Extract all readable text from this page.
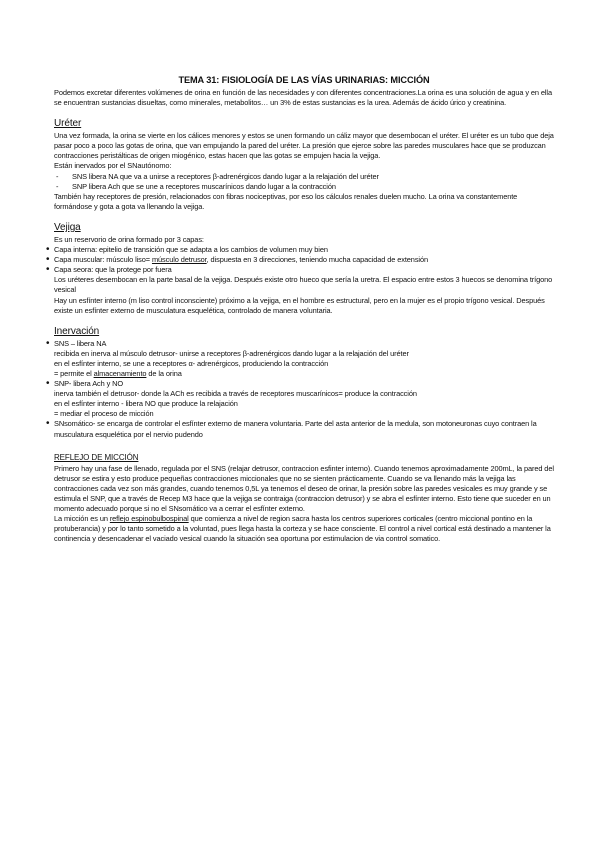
TEMA 31: FISIOLOGÍA DE LAS VÍAS URINARIAS: MICCIÓN

Podemos excretar diferentes volúmenes de orina en función de las necesidades y con diferentes concentraciones.La orina es una solución de agua y en ella se encuentran sustancias disueltas, como minerales, metabolitos… un 3% de estas sustancias es la urea. Además de ácido úrico y creatinina.

Uréter

Una vez formada, la orina se vierte en los cálices menores y estos se unen formando un cáliz mayor que desembocan el uréter. El uréter es un tubo que deja pasar poco a poco las gotas de orina, que van empujando la pared del uréter. La presión que ejerce sobre las paredes musculares hace que se produzcan contracciones peristálticas de origen miogénico, estas hacen que las gotas se empujen hacia la vejiga.

Están inervados por el SNautónomo:

- SNS libera NA que va a unirse a receptores β-adrenérgicos dando lugar a la relajación del uréter
- SNP libera Ach que se une a receptores muscarínicos dando lugar a la contracción

También hay receptores de presión, relacionados con fibras nociceptivas, por eso los cálculos renales duelen mucho. La orina va constantemente formándose y gota a gota va llenando la vejiga.

Vejiga

Es un reservorio de orina formado por 3 capas:

• Capa interna: epitelio de transición que se adapta a los cambios de volumen muy bien
• Capa muscular: músculo liso= músculo detrusor, dispuesta en 3 direcciones, teniendo mucha capacidad de extensión
• Capa seora: que la protege por fuera

Los uréteres desembocan en la parte basal de la vejiga. Después existe otro hueco que sería la uretra. El espacio entre estos 3 huecos se denomina trígono vesical

Hay un esfínter interno (m liso control inconsciente) próximo a la vejiga, en el hombre es estructural, pero en la mujer es el propio trígono vesical. Después existe un esfínter externo de musculatura esquelética, controlado de manera voluntaria.

Inervación
• SNS – libera NA
recibida en inerva al músculo detrusor- unirse a receptores β-adrenérgicos dando lugar a la relajación del uréter
en el esfínter interno, se une a receptores α- adrenérgicos, produciendo la contracción
= permite el almacenamiento de la orina
• SNP- libera Ach y NO
inerva también el detrusor- donde la ACh es recibida a través de receptores muscarínicos= produce la contracción
en el esfínter interno - libera NO que produce la relajación
= mediar el proceso de micción
• SNsomático- se encarga de controlar el esfínter externo de manera voluntaria. Parte del asta anterior de la medula, son motoneuronas cuyo contraen la musculatura esquelética por el nervio pudendo
REFLEJO DE MICCIÓN

Primero hay una fase de llenado, regulada por el SNS (relajar detrusor, contraccion esfinter interno). Cuando tenemos aproximadamente 200mL, la pared del detrusor se estira y esto produce pequeñas contracciones miccionales que no se sienten prácticamente. Cuando se va llenando más la vejiga las contracciones cada vez son más grandes, cuando tenemos 0,5L ya tenemos el deseo de orinar, la presión sobre las paredes vesicales es muy grande y se estimula el SNP, que a través de Recep M3 hace que la vejiga se contraiga (contraccion detrusor) y se abra el esfínter interno. Esto tiene que suceder en un momento adecuado porque si no el SNsomático va a cerrar el esfínter externo.

La micción es un reflejo espinobulbospinal que comienza a nivel de region sacra hasta los centros superiores corticales (centro miccional pontino en la protuberancia) y por lo tanto sometido a la voluntad, pues llega hasta la corteza y se hace consciente. El control a nivel cortical está destinado a mantener la continencia y desencadenar el vaciado vesical cuando la situación sea oportuna por estimulacion de via control somatico.
